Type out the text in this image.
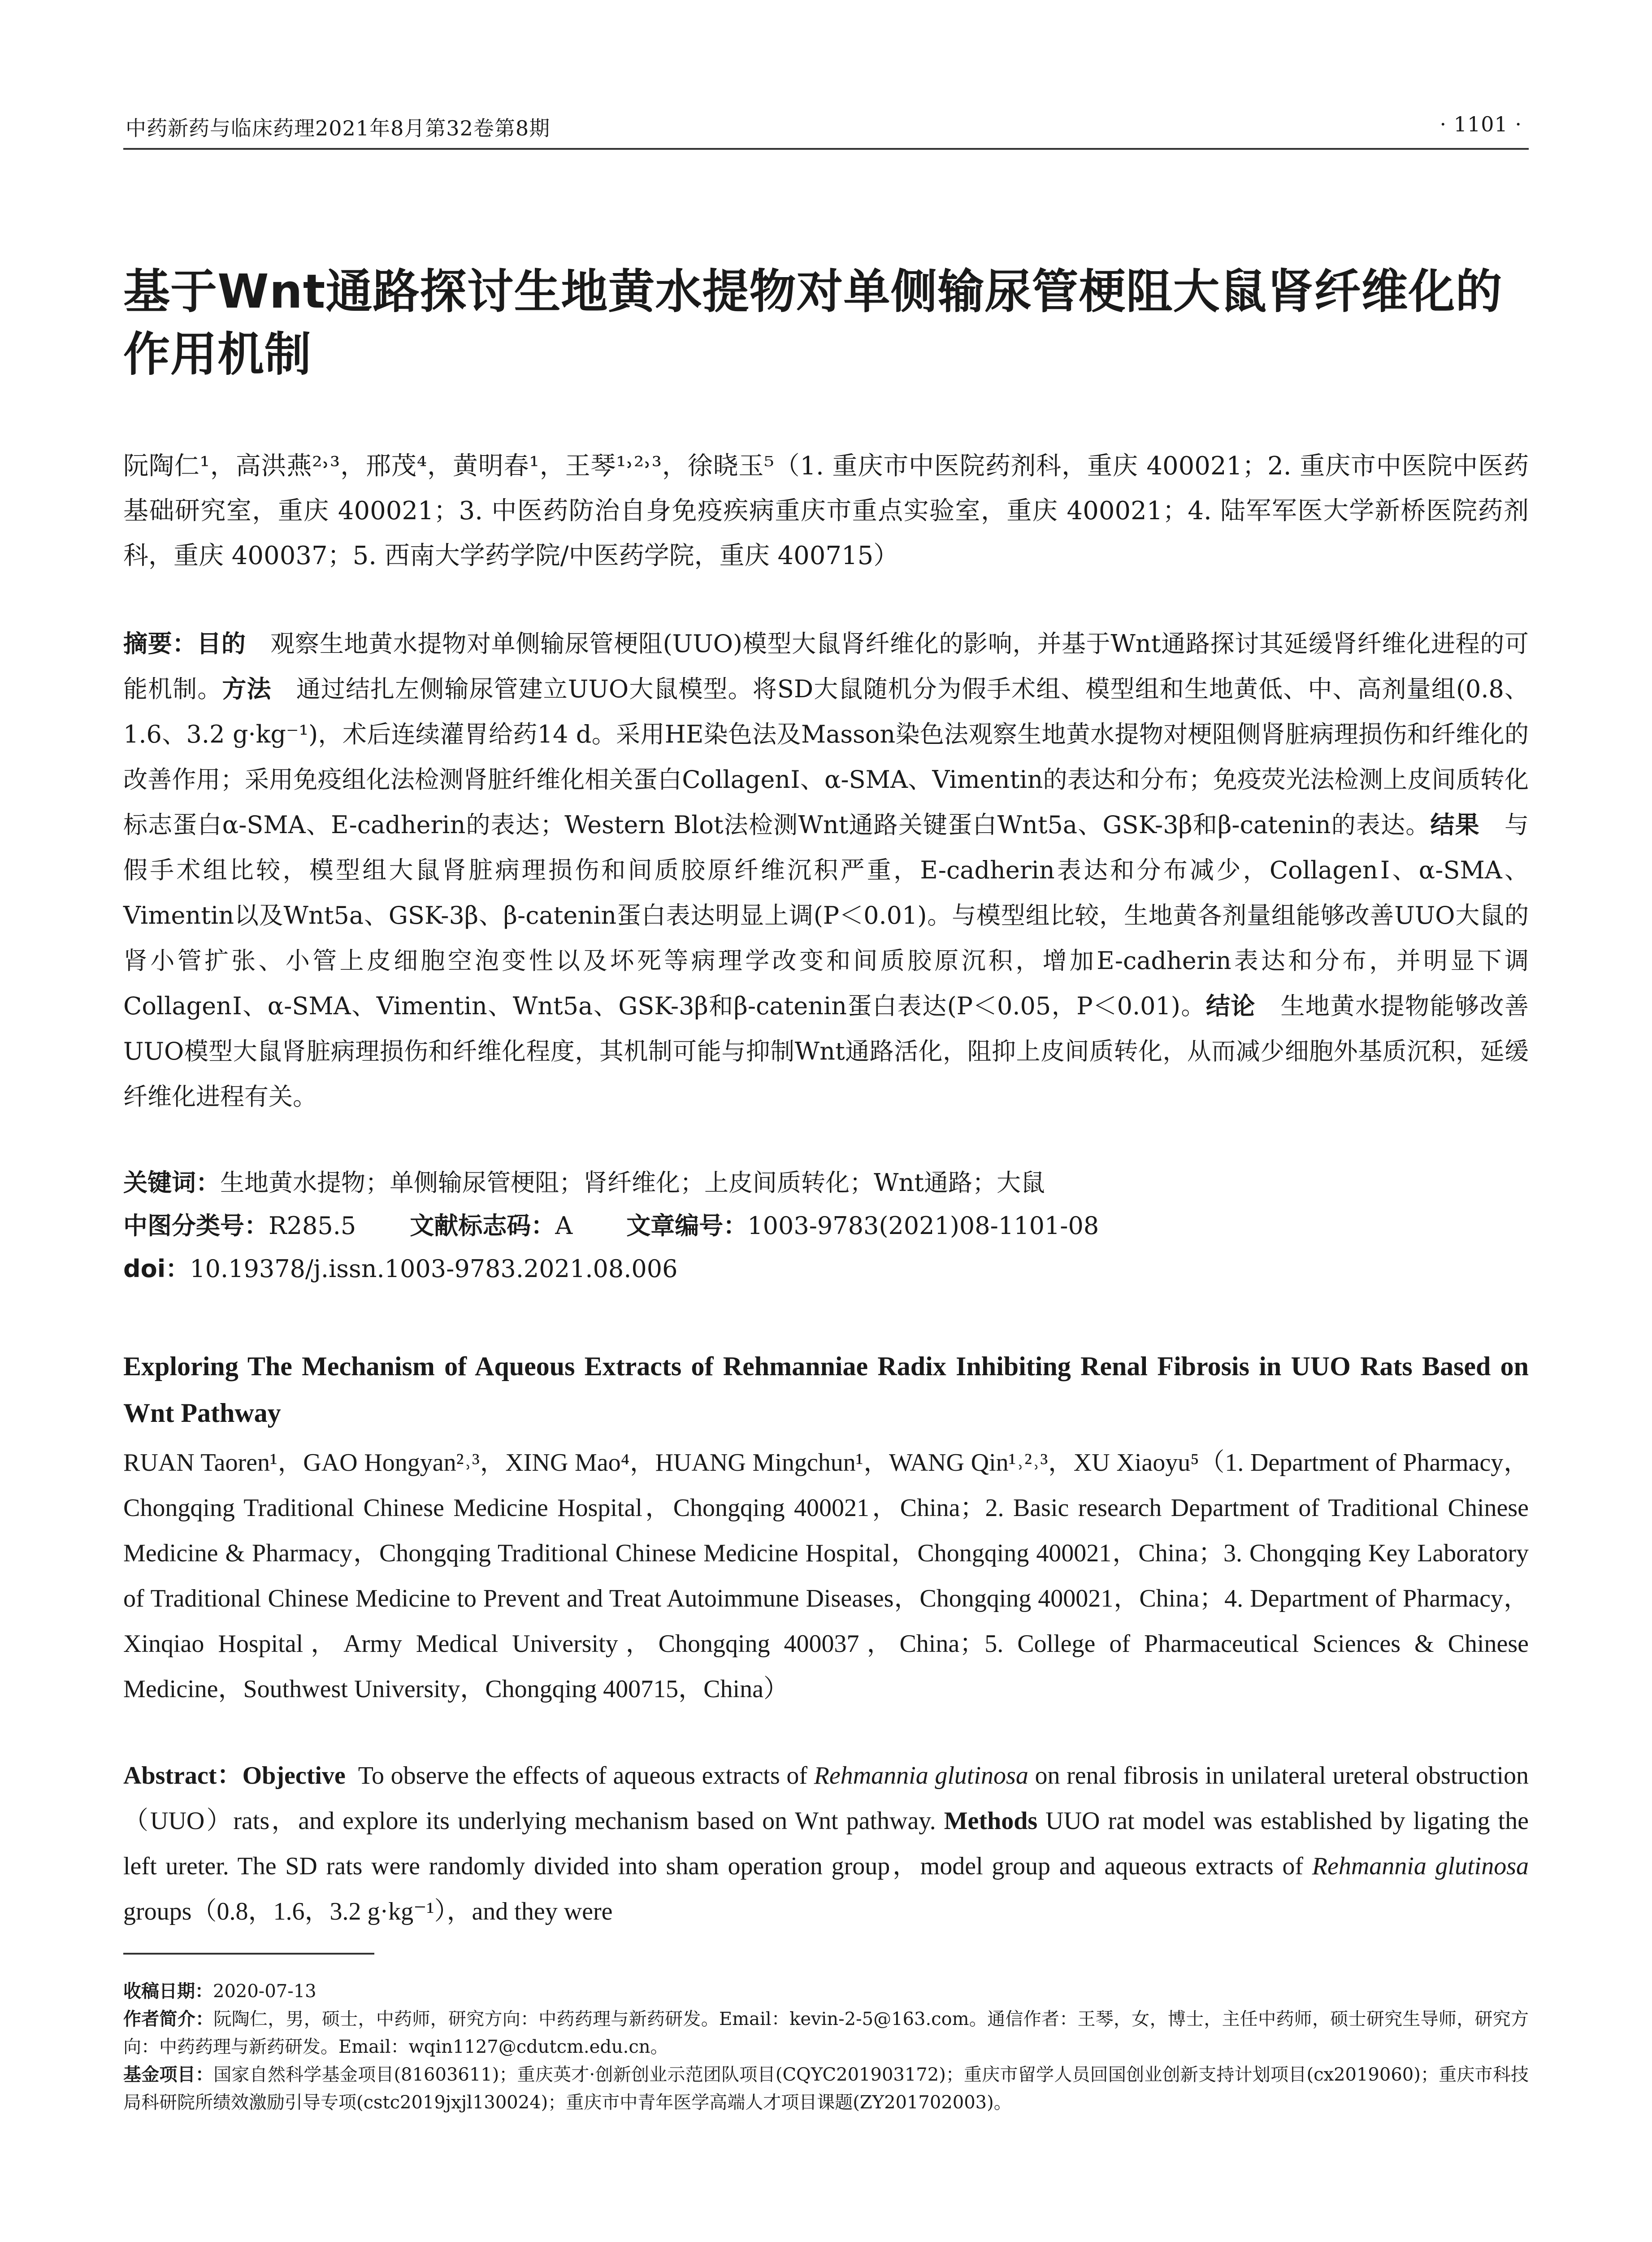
中药新药与临床药理2021年8月第32卷第8期	· 1101 ·
基于Wnt通路探讨生地黄水提物对单侧输尿管梗阻大鼠肾纤维化的作用机制

阮陶仁¹，高洪燕²˒³，邢茂⁴，黄明春¹，王琴¹˒²˒³，徐晓玉⁵（1. 重庆市中医院药剂科，重庆 400021；2. 重庆市中医院中医药基础研究室，重庆 400021；3. 中医药防治自身免疫疾病重庆市重点实验室，重庆 400021；4. 陆军军医大学新桥医院药剂科，重庆 400037；5. 西南大学药学院/中医药学院，重庆 400715）

摘要：目的  观察生地黄水提物对单侧输尿管梗阻(UUO)模型大鼠肾纤维化的影响，并基于Wnt通路探讨其延缓肾纤维化进程的可能机制。方法  通过结扎左侧输尿管建立UUO大鼠模型。将SD大鼠随机分为假手术组、模型组和生地黄低、中、高剂量组(0.8、1.6、3.2 g·kg⁻¹)，术后连续灌胃给药14 d。采用HE染色法及Masson染色法观察生地黄水提物对梗阻侧肾脏病理损伤和纤维化的改善作用；采用免疫组化法检测肾脏纤维化相关蛋白CollagenⅠ、α-SMA、Vimentin的表达和分布；免疫荧光法检测上皮间质转化标志蛋白α-SMA、E-cadherin的表达；Western Blot法检测Wnt通路关键蛋白Wnt5a、GSK-3β和β-catenin的表达。结果  与假手术组比较，模型组大鼠肾脏病理损伤和间质胶原纤维沉积严重，E-cadherin表达和分布减少，CollagenⅠ、α-SMA、Vimentin以及Wnt5a、GSK-3β、β-catenin蛋白表达明显上调(P＜0.01)。与模型组比较，生地黄各剂量组能够改善UUO大鼠的肾小管扩张、小管上皮细胞空泡变性以及坏死等病理学改变和间质胶原沉积，增加E-cadherin表达和分布，并明显下调CollagenⅠ、α-SMA、Vimentin、Wnt5a、GSK-3β和β-catenin蛋白表达(P＜0.05，P＜0.01)。结论  生地黄水提物能够改善UUO模型大鼠肾脏病理损伤和纤维化程度，其机制可能与抑制Wnt通路活化，阻抑上皮间质转化，从而减少细胞外基质沉积，延缓纤维化进程有关。

关键词：生地黄水提物；单侧输尿管梗阻；肾纤维化；上皮间质转化；Wnt通路；大鼠

中图分类号：R285.5 文献标志码：A 文章编号：1003-9783(2021)08-1101-08

doi：10.19378/j.issn.1003-9783.2021.08.006

Exploring The Mechanism of Aqueous Extracts of Rehmanniae Radix Inhibiting Renal Fibrosis in UUO Rats Based on Wnt Pathway

RUAN Taoren¹，GAO Hongyan²˒³，XING Mao⁴，HUANG Mingchun¹，WANG Qin¹˒²˒³，XU Xiaoyu⁵（1. Department of Pharmacy，Chongqing Traditional Chinese Medicine Hospital，Chongqing 400021，China；2. Basic research Department of Traditional Chinese Medicine & Pharmacy，Chongqing Traditional Chinese Medicine Hospital，Chongqing 400021，China；3. Chongqing Key Laboratory of Traditional Chinese Medicine to Prevent and Treat Autoimmune Diseases，Chongqing 400021，China；4. Department of Pharmacy，Xinqiao Hospital，Army Medical University，Chongqing 400037，China；5. College of Pharmaceutical Sciences & Chinese Medicine，Southwest University，Chongqing 400715，China）

Abstract：Objective  To observe the effects of aqueous extracts of Rehmannia glutinosa on renal fibrosis in unilateral ureteral obstruction（UUO）rats，and explore its underlying mechanism based on Wnt pathway. Methods UUO rat model was established by ligating the left ureter. The SD rats were randomly divided into sham operation group，model group and aqueous extracts of Rehmannia glutinosa groups（0.8，1.6，3.2 g·kg⁻¹），and they were

收稿日期：2020-07-13

作者简介：阮陶仁，男，硕士，中药师，研究方向：中药药理与新药研发。Email：kevin-2-5@163.com。通信作者：王琴，女，博士，主任中药师，硕士研究生导师，研究方向：中药药理与新药研发。Email：wqin1127@cdutcm.edu.cn。

基金项目：国家自然科学基金项目(81603611)；重庆英才·创新创业示范团队项目(CQYC201903172)；重庆市留学人员回国创业创新支持计划项目(cx2019060)；重庆市科技局科研院所绩效激励引导专项(cstc2019jxjl130024)；重庆市中青年医学高端人才项目课题(ZY201702003)。
